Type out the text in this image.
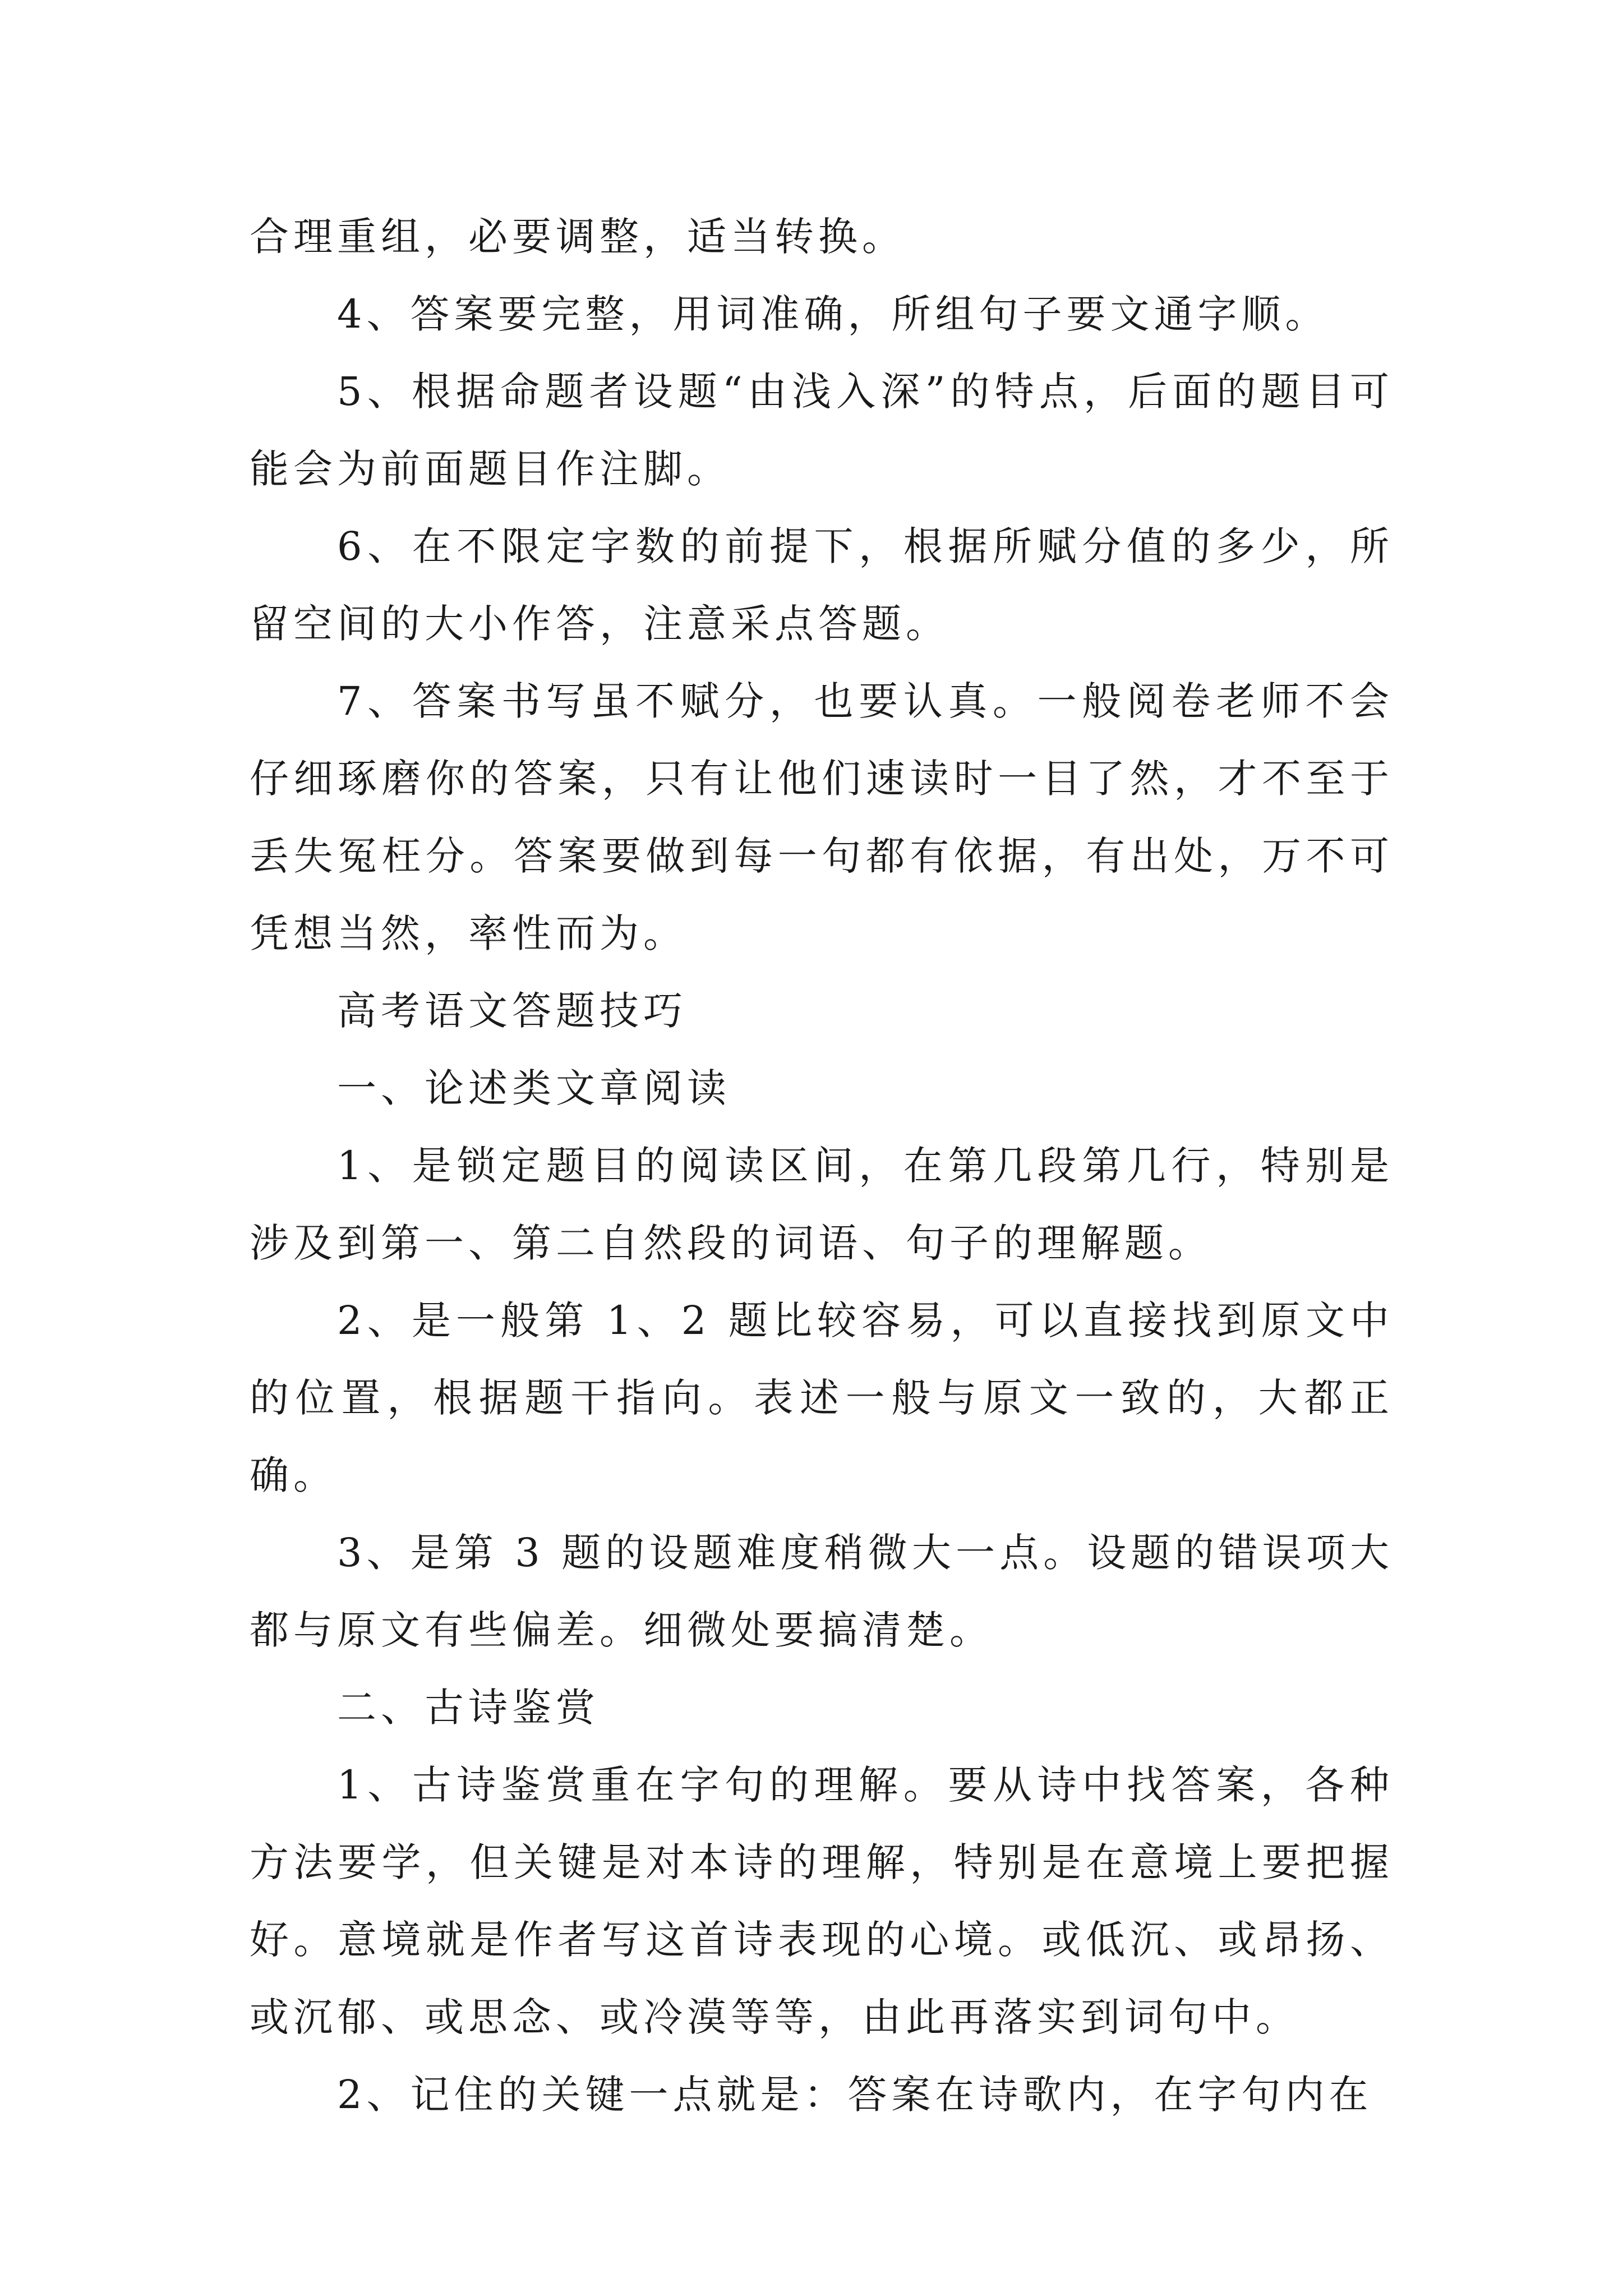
合理重组，必要调整，适当转换。

4、答案要完整，用词准确，所组句子要文通字顺。

5、根据命题者设题“由浅入深”的特点，后面的题目可能会为前面题目作注脚。

6、在不限定字数的前提下，根据所赋分值的多少，所留空间的大小作答，注意采点答题。

7、答案书写虽不赋分，也要认真。一般阅卷老师不会仔细琢磨你的答案，只有让他们速读时一目了然，才不至于丢失冤枉分。答案要做到每一句都有依据，有出处，万不可凭想当然，率性而为。

高考语文答题技巧

一、论述类文章阅读

1、是锁定题目的阅读区间，在第几段第几行，特别是涉及到第一、第二自然段的词语、句子的理解题。

2、是一般第 1、2 题比较容易，可以直接找到原文中的位置，根据题干指向。表述一般与原文一致的，大都正确。

3、是第 3 题的设题难度稍微大一点。设题的错误项大都与原文有些偏差。细微处要搞清楚。

二、古诗鉴赏

1、古诗鉴赏重在字句的理解。要从诗中找答案，各种方法要学，但关键是对本诗的理解，特别是在意境上要把握好。意境就是作者写这首诗表现的心境。或低沉、或昂扬、或沉郁、或思念、或冷漠等等，由此再落实到词句中。

2、记住的关键一点就是：答案在诗歌内，在字句内在
